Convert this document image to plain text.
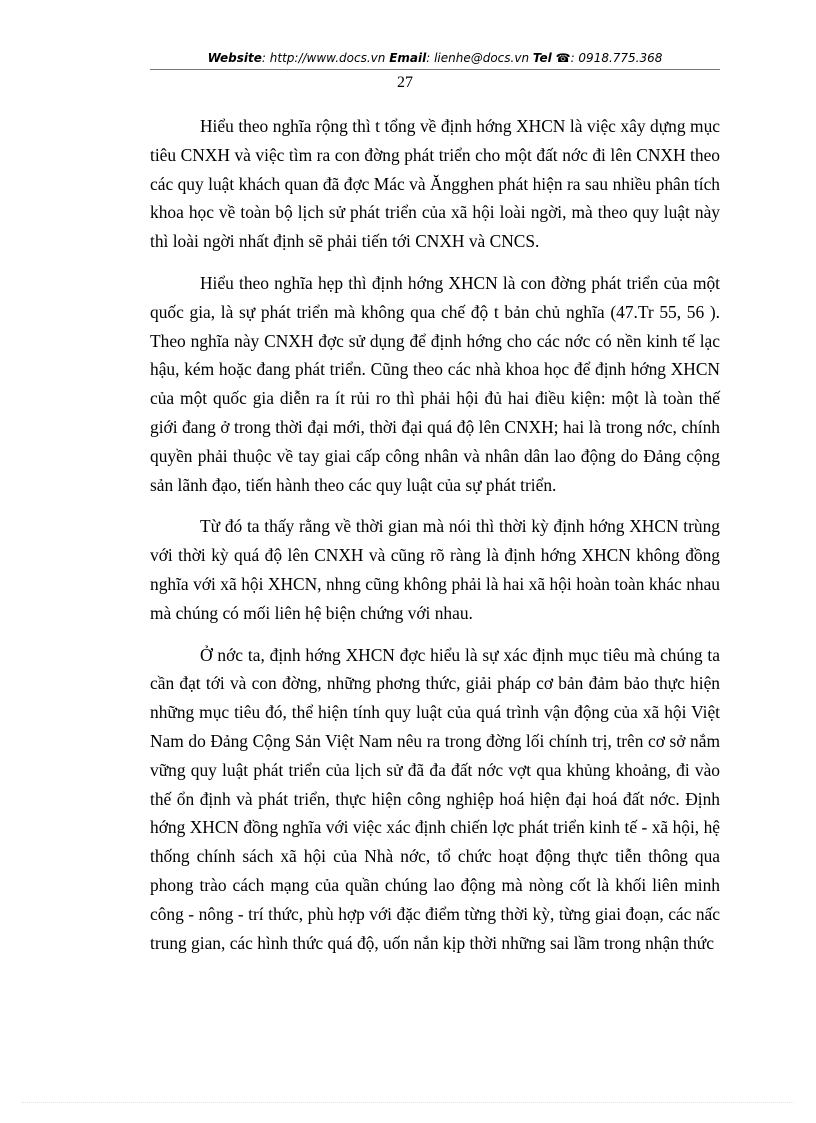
Website: http://www.docs.vn Email: lienhe@docs.vn Tel ☎: 0918.775.368
27

Hiểu theo nghĩa rộng thì t tổng về định hớng XHCN là việc xây dựng mục tiêu CNXH và việc tìm ra con đờng phát triển cho một đất nớc đi lên CNXH theo các quy luật khách quan đã đợc Mác và Ăngghen phát hiện ra sau nhiều phân tích khoa học về toàn bộ lịch sử phát triển của xã hội loài ngời, mà theo quy luật này thì loài ngời nhất định sẽ phải tiến tới CNXH và CNCS.

Hiểu theo nghĩa hẹp thì định hớng XHCN là con đờng phát triển của một quốc gia, là sự phát triển mà không qua chế độ t bản chủ nghĩa (47.Tr 55, 56 ). Theo nghĩa này CNXH đợc sử dụng để định hớng cho các nớc có nền kinh tế lạc hậu, kém hoặc đang phát triển. Cũng theo các nhà khoa học để định hớng XHCN của một quốc gia diễn ra ít rủi ro thì phải hội đủ hai điều kiện: một là toàn thế giới đang ở trong thời đại mới, thời đại quá độ lên CNXH; hai là trong nớc, chính quyền phải thuộc về tay giai cấp công nhân và nhân dân lao động do Đảng cộng sản lãnh đạo, tiến hành theo các quy luật của sự phát triển.

Từ đó ta thấy rằng về thời gian mà nói thì thời kỳ định hớng XHCN trùng với thời kỳ quá độ lên CNXH và cũng rõ ràng là định hớng XHCN không đồng nghĩa với xã hội XHCN, nhng cũng không phải là hai xã hội hoàn toàn khác nhau mà chúng có mối liên hệ biện chứng với nhau.

Ở nớc ta, định hớng XHCN đợc hiểu là sự xác định mục tiêu mà chúng ta cần đạt tới và con đờng, những phơng thức, giải pháp cơ bản đảm bảo thực hiện những mục tiêu đó, thể hiện tính quy luật của quá trình vận động của xã hội Việt Nam do Đảng Cộng Sản Việt Nam nêu ra trong đờng lối chính trị, trên cơ sở nắm vững quy luật phát triển của lịch sử đã đa đất nớc vợt qua khủng khoảng, đi vào thế ổn định và phát triển, thực hiện công nghiệp hoá hiện đại hoá đất nớc. Định hớng XHCN đồng nghĩa với việc xác định chiến lợc phát triển kinh tế - xã hội, hệ thống chính sách xã hội của Nhà nớc, tổ chức hoạt động thực tiễn thông qua phong trào cách mạng của quần chúng lao động mà nòng cốt là khối liên minh công - nông - trí thức, phù hợp với đặc điểm từng thời kỳ, từng giai đoạn, các nấc trung gian, các hình thức quá độ, uốn nắn kịp thời những sai lầm trong nhận thức
